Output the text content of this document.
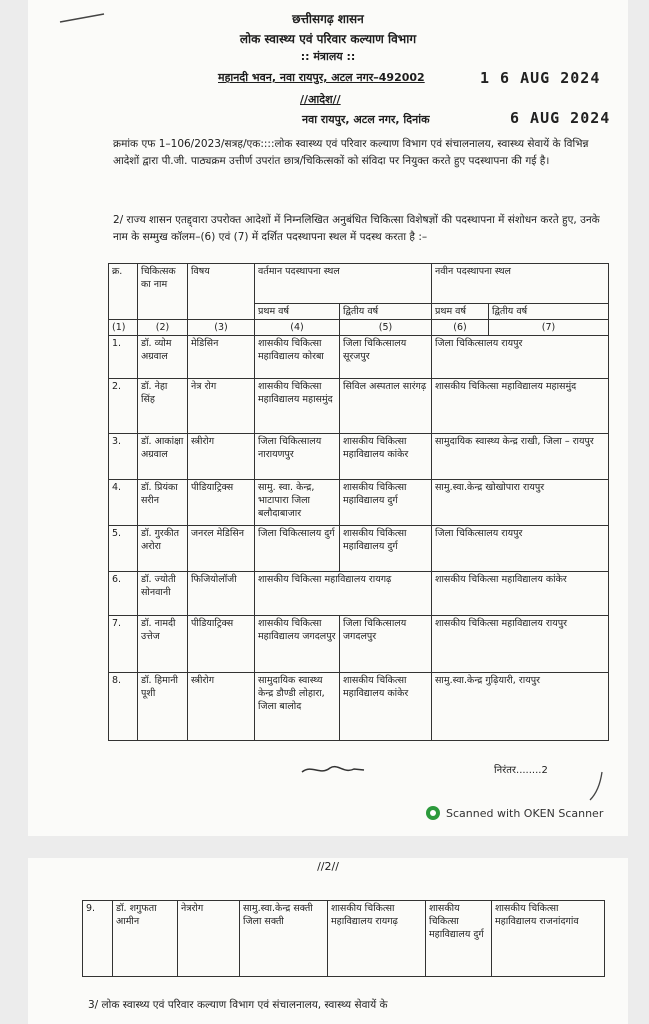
छत्तीसगढ़ शासन
लोक स्वास्थ्य एवं परिवार कल्याण विभाग
:: मंत्रालय ::
महानदी भवन, नवा रायपुर, अटल नगर–492002	1 6 AUG 2024
//आदेश//
नवा रायपुर, अटल नगर, दिनांक	6 AUG 2024
क्रमांक एफ 1–106/2023/सत्रह/एक::::लोक स्वास्थ्य एवं परिवार कल्याण विभाग एवं संचालनालय, स्वास्थ्य सेवायें के विभिन्न आदेशों द्वारा पी.जी. पाठ्यक्रम उत्तीर्ण उपरांत छात्र/चिकित्सकों को संविदा पर नियुक्त करते हुए पदस्थापना की गई है।
2/ राज्य शासन एतद्द्वारा उपरोक्त आदेशों में निम्नलिखित अनुबंधित चिकित्सा विशेषज्ञों की पदस्थापना में संशोधन करते हुए, उनके नाम के सम्मुख कॉलम–(6) एवं (7) में दर्शित पदस्थापना स्थल में पदस्थ करता है :–
क्र.	चिकित्सक का नाम	विषय	वर्तमान पदस्थापना स्थल		नवीन पदस्थापना स्थल	
			प्रथम वर्ष	द्वितीय वर्ष	प्रथम वर्ष	द्वितीय वर्ष
(1)	(2)	(3)	(4)	(5)	(6)	(7)
1.	डॉ. व्योम अग्रवाल	मेडिसिन	शासकीय चिकित्सा महाविद्यालय कोरबा	जिला चिकित्सालय सूरजपुर	जिला चिकित्सालय रायपुर	
2.	डॉ. नेहा सिंह	नेत्र रोग	शासकीय चिकित्सा महाविद्यालय महासमुंद	सिविल अस्पताल सारंगढ़	शासकीय चिकित्सा महाविद्यालय महासमुंद	
3.	डॉ. आकांक्षा अग्रवाल	स्त्रीरोग	जिला चिकित्सालय नारायणपुर	शासकीय चिकित्सा महाविद्यालय कांकेर	सामुदायिक स्वास्थ्य केन्द्र राखी, जिला – रायपुर	
4.	डॉ. प्रियंका सरीन	पीडियाट्रिक्स	सामु. स्वा. केन्द्र, भाटापारा जिला बलौदाबाजार	शासकीय चिकित्सा महाविद्यालय दुर्ग	सामु.स्वा.केन्द्र खोखोपारा रायपुर	
5.	डॉ. गुरकीत अरोरा	जनरल मेडिसिन	जिला चिकित्सालय दुर्ग	शासकीय चिकित्सा महाविद्यालय दुर्ग	जिला चिकित्सालय रायपुर	
6.	डॉ. ज्योती सोनवानी	फिजियोलॉजी	शासकीय चिकित्सा महाविद्यालय रायगढ़		शासकीय चिकित्सा महाविद्यालय कांकेर	
7.	डॉ. नामदी उत्तेज	पीडियाट्रिक्स	शासकीय चिकित्सा महाविद्यालय जगदलपुर	जिला चिकित्सालय जगदलपुर	शासकीय चिकित्सा महाविद्यालय रायपुर	
8.	डॉ. हिमानी पूशी	स्त्रीरोग	सामुदायिक स्वास्थ्य केन्द्र डौण्डी लोहारा, जिला बालोद	शासकीय चिकित्सा महाविद्यालय कांकेर	सामु.स्वा.केन्द्र गुढ़ियारी, रायपुर	
निरंतर........2
Scanned with OKEN Scanner
//2//
9.	डॉ. शगुफता आमीन	नेत्ररोग	सामु.स्वा.केन्द्र सक्ती जिला सक्ती	शासकीय चिकित्सा महाविद्यालय रायगढ़	शासकीय चिकित्सा महाविद्यालय दुर्ग	शासकीय चिकित्सा महाविद्यालय राजनांदगांव
3/ लोक स्वास्थ्य एवं परिवार कल्याण विभाग एवं संचालनालय, स्वास्थ्य सेवायें के
